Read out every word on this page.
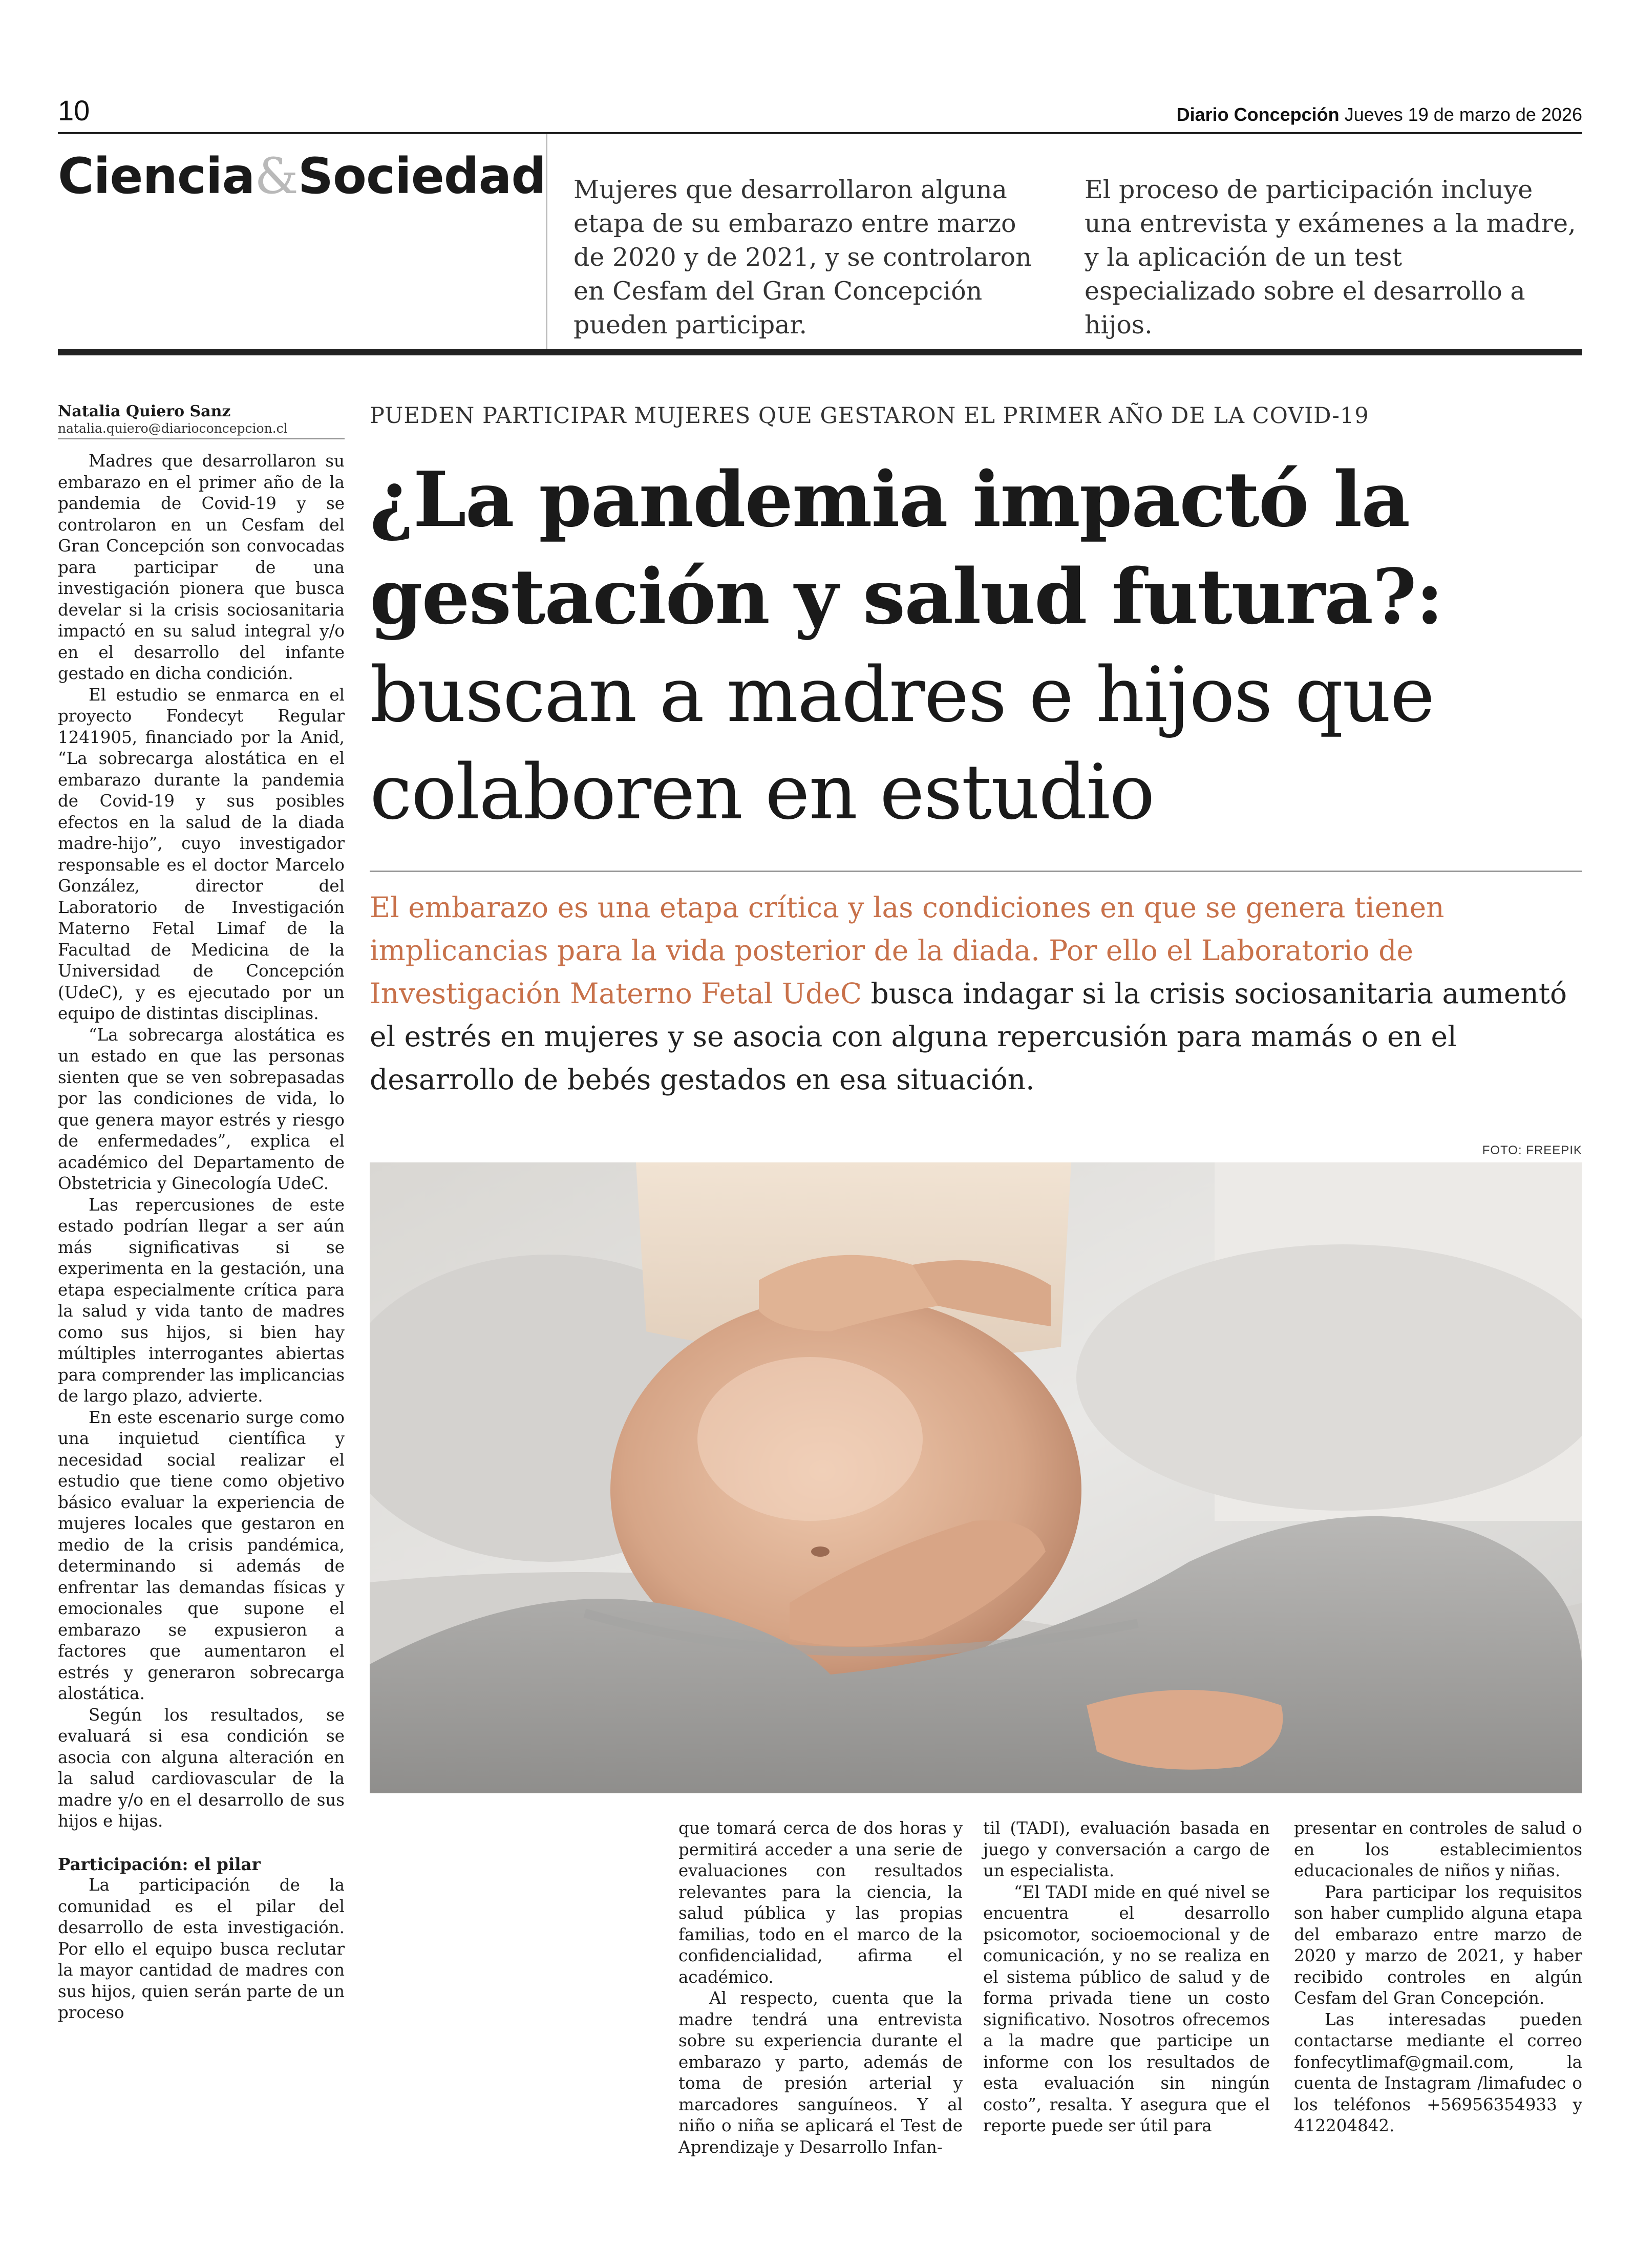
10	Diario Concepción Jueves 19 de marzo de 2026
Ciencia&Sociedad Mujeres que desarrollaron alguna etapa de su embarazo entre marzo de 2020 y de 2021, y se controlaron en Cesfam del Gran Concepción pueden participar.
El proceso de participación incluye una entrevista y exámenes a la madre, y la aplicación de un test especializado sobre el desarrollo a hijos.
Natalia Quiero Sanz
natalia.quiero@diarioconcepcion.cl

Madres que desarrollaron su embarazo en el primer año de la pandemia de Covid-19 y se controlaron en un Cesfam del Gran Concepción son convocadas para participar de una investigación pionera que busca develar si la crisis sociosanitaria impactó en su salud integral y/o en el desarrollo del infante gestado en dicha condición.

El estudio se enmarca en el proyecto Fondecyt Regular 1241905, financiado por la Anid, “La sobrecarga alostática en el embarazo durante la pandemia de Covid-19 y sus posibles efectos en la salud de la diada madre-hijo”, cuyo investigador responsable es el doctor Marcelo González, director del Laboratorio de Investigación Materno Fetal Limaf de la Facultad de Medicina de la Universidad de Concepción (UdeC), y es ejecutado por un equipo de distintas disciplinas.

“La sobrecarga alostática es un estado en que las personas sienten que se ven sobrepasadas por las condiciones de vida, lo que genera mayor estrés y riesgo de enfermedades”, explica el académico del Departamento de Obstetricia y Ginecología UdeC.

Las repercusiones de este estado podrían llegar a ser aún más significativas si se experimenta en la gestación, una etapa especialmente crítica para la salud y vida tanto de madres como sus hijos, si bien hay múltiples interrogantes abiertas para comprender las implicancias de largo plazo, advierte.

En este escenario surge como una inquietud científica y necesidad social realizar el estudio que tiene como objetivo básico evaluar la experiencia de mujeres locales que gestaron en medio de la crisis pandémica, determinando si además de enfrentar las demandas físicas y emocionales que supone el embarazo se expusieron a factores que aumentaron el estrés y generaron sobrecarga alostática.

Según los resultados, se evaluará si esa condición se asocia con alguna alteración en la salud cardiovascular de la madre y/o en el desarrollo de sus hijos e hijas.

Participación: el pilar

La participación de la comunidad es el pilar del desarrollo de esta investigación. Por ello el equipo busca reclutar la mayor cantidad de madres con sus hijos, quien serán parte de un proceso

PUEDEN PARTICIPAR MUJERES QUE GESTARON EL PRIMER AÑO DE LA COVID-19
¿La pandemia impactó la
gestación y salud futura?:
buscan a madres e hijos que
colaboren en estudio
El embarazo es una etapa crítica y las condiciones en que se genera tienen implicancias para la vida posterior de la diada. Por ello el Laboratorio de Investigación Materno Fetal UdeC busca indagar si la crisis sociosanitaria aumentó el estrés en mujeres y se asocia con alguna repercusión para mamás o en el desarrollo de bebés gestados en esa situación.
FOTO: FREEPIK

que tomará cerca de dos horas y permitirá acceder a una serie de evaluaciones con resultados relevantes para la ciencia, la salud pública y las propias familias, todo en el marco de la confidencialidad, afirma el académico.

Al respecto, cuenta que la madre tendrá una entrevista sobre su experiencia durante el embarazo y parto, además de toma de presión arterial y marcadores sanguíneos. Y al niño o niña se aplicará el Test de Aprendizaje y Desarrollo Infan-

til (TADI), evaluación basada en juego y conversación a cargo de un especialista.

“El TADI mide en qué nivel se encuentra el desarrollo psicomotor, socioemocional y de comunicación, y no se realiza en el sistema público de salud y de forma privada tiene un costo significativo. Nosotros ofrecemos a la madre que participe un informe con los resultados de esta evaluación sin ningún costo”, resalta. Y asegura que el reporte puede ser útil para

presentar en controles de salud o en los establecimientos educacionales de niños y niñas.

Para participar los requisitos son haber cumplido alguna etapa del embarazo entre marzo de 2020 y marzo de 2021, y haber recibido controles en algún Cesfam del Gran Concepción.

Las interesadas pueden contactarse mediante el correo fonfecytlimaf@gmail.com, la cuenta de Instagram /limafudec o los teléfonos +56956354933 y 412204842.
